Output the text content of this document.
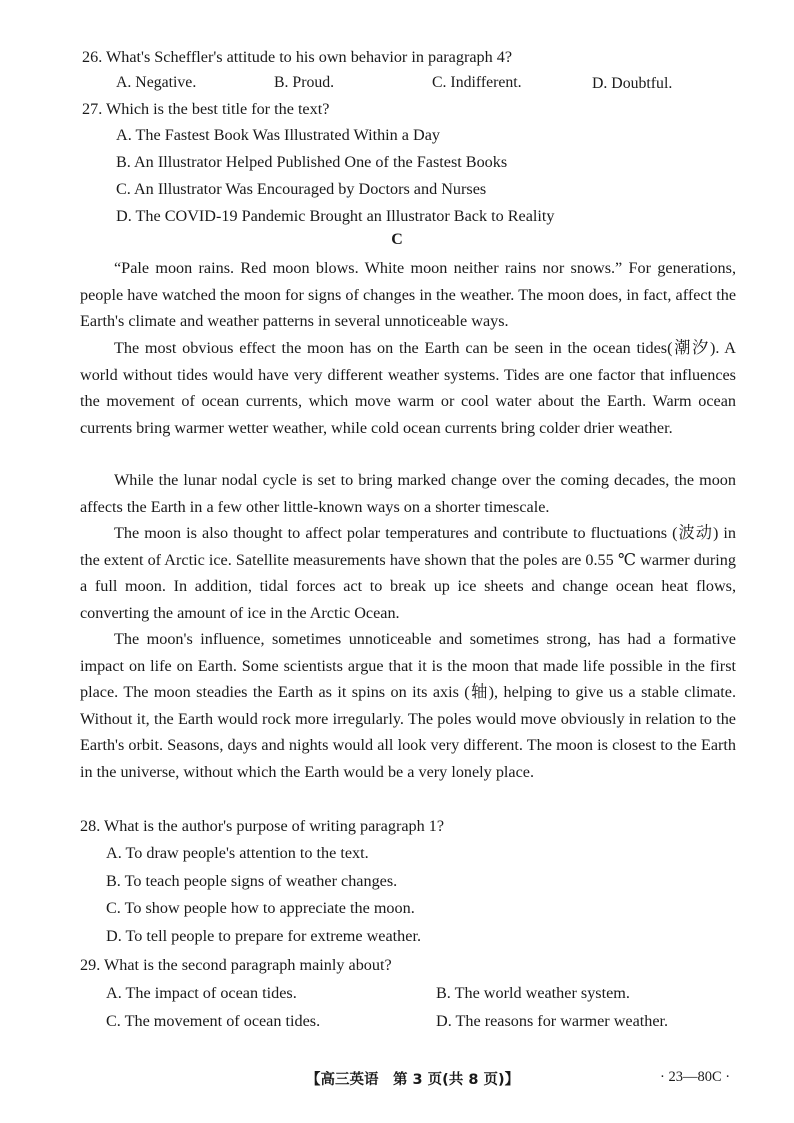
26. What's Scheffler's attitude to his own behavior in paragraph 4?
A. Negative.	B. Proud.	C. Indifferent.	D. Doubtful.
27. Which is the best title for the text?
A. The Fastest Book Was Illustrated Within a Day
B. An Illustrator Helped Published One of the Fastest Books
C. An Illustrator Was Encouraged by Doctors and Nurses
D. The COVID-19 Pandemic Brought an Illustrator Back to Reality
C
“Pale moon rains. Red moon blows. White moon neither rains nor snows.” For generations, people have watched the moon for signs of changes in the weather. The moon does, in fact, affect the Earth's climate and weather patterns in several unnoticeable ways.
The most obvious effect the moon has on the Earth can be seen in the ocean tides(潮汐). A world without tides would have very different weather systems. Tides are one factor that influences the movement of ocean currents, which move warm or cool water about the Earth. Warm ocean currents bring warmer wetter weather, while cold ocean currents bring colder drier weather.
While the lunar nodal cycle is set to bring marked change over the coming decades, the moon affects the Earth in a few other little-known ways on a shorter timescale.
The moon is also thought to affect polar temperatures and contribute to fluctuations (波动) in the extent of Arctic ice. Satellite measurements have shown that the poles are 0.55 ℃ warmer during a full moon. In addition, tidal forces act to break up ice sheets and change ocean heat flows, converting the amount of ice in the Arctic Ocean.
The moon's influence, sometimes unnoticeable and sometimes strong, has had a formative impact on life on Earth. Some scientists argue that it is the moon that made life possible in the first place. The moon steadies the Earth as it spins on its axis (轴), helping to give us a stable climate. Without it, the Earth would rock more irregularly. The poles would move obviously in relation to the Earth's orbit. Seasons, days and nights would all look very different. The moon is closest to the Earth in the universe, without which the Earth would be a very lonely place.
28. What is the author's purpose of writing paragraph 1?
A. To draw people's attention to the text.
B. To teach people signs of weather changes.
C. To show people how to appreciate the moon.
D. To tell people to prepare for extreme weather.
29. What is the second paragraph mainly about?
A. The impact of ocean tides.	B. The world weather system.
C. The movement of ocean tides.	D. The reasons for warmer weather.
【高三英语　第 3 页(共 8 页)】	· 23—80C ·
